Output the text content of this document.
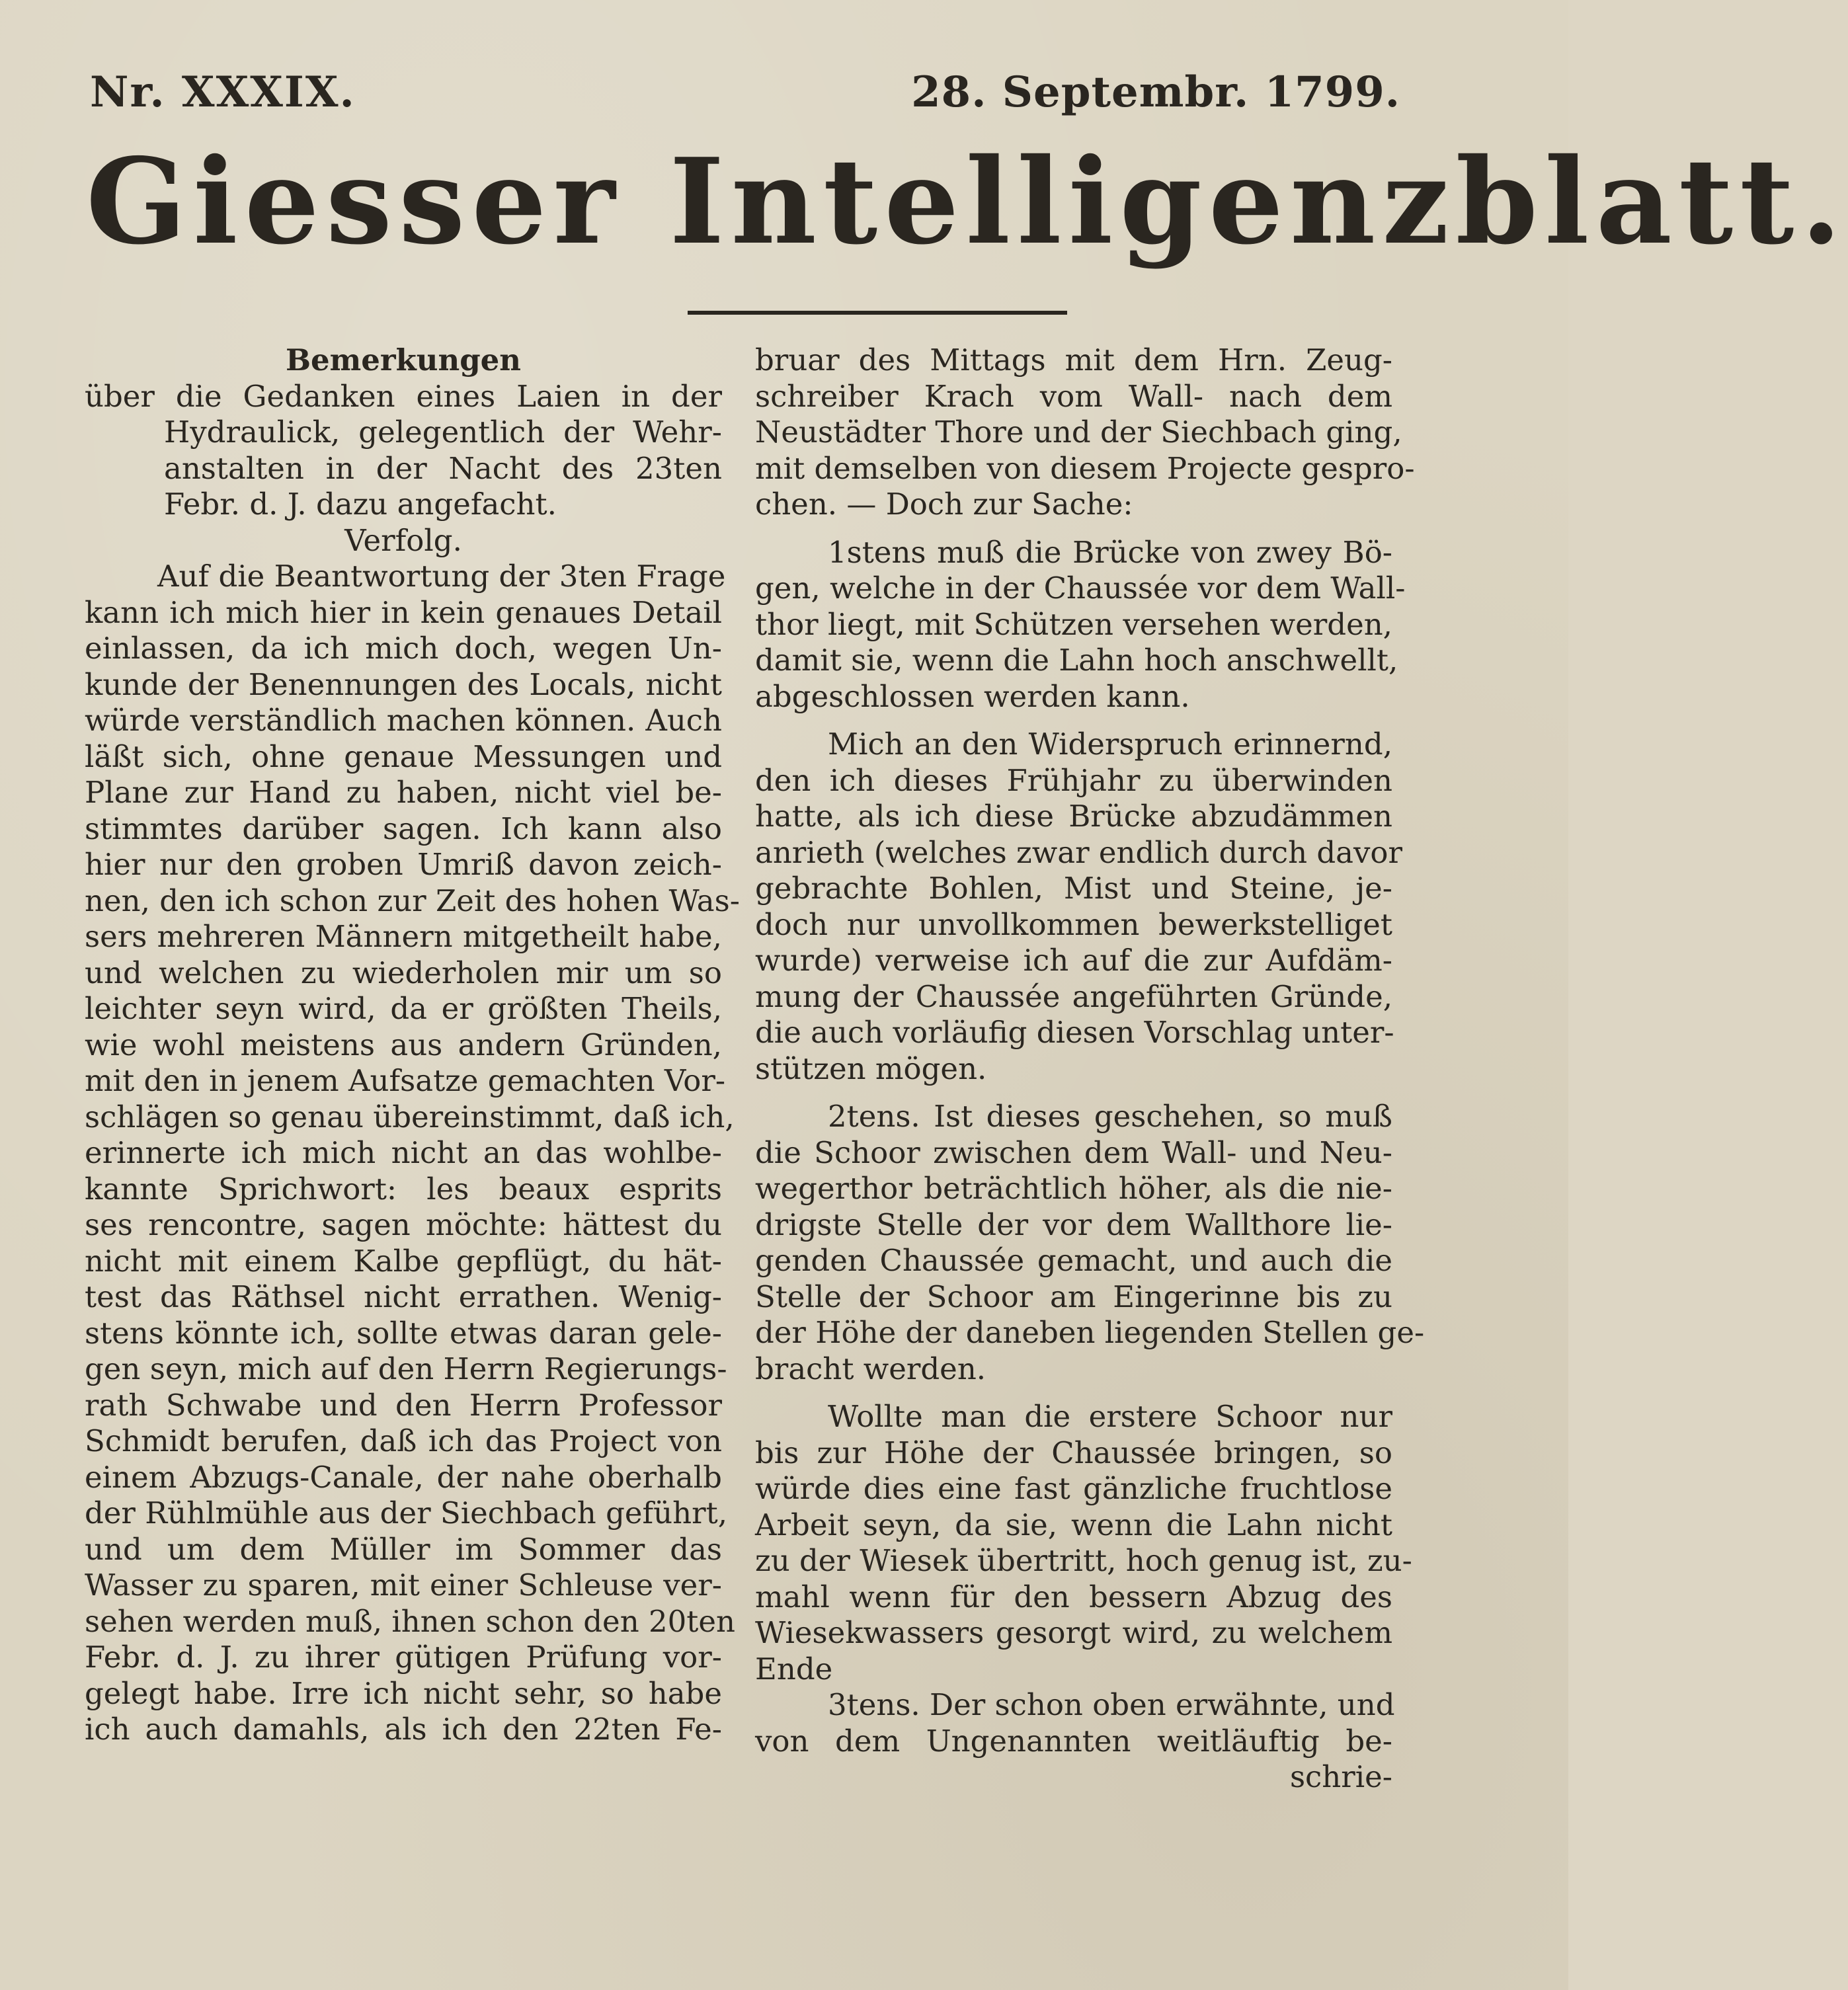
Nr. XXXIX.	28. Septembr. 1799.
Giesser Intelligenzblatt.
Bemerkungen
über die Gedanken eines Laien in der
Hydraulick, gelegentlich der Wehr-
anstalten in der Nacht des 23ten
Febr. d. J. dazu angefacht.
Verfolg.
Auf die Beantwortung der 3ten Frage
kann ich mich hier in kein genaues Detail
einlassen, da ich mich doch, wegen Un-
kunde der Benennungen des Locals, nicht
würde verständlich machen können. Auch
läßt sich, ohne genaue Messungen und
Plane zur Hand zu haben, nicht viel be-
stimmtes darüber sagen. Ich kann also
hier nur den groben Umriß davon zeich-
nen, den ich schon zur Zeit des hohen Was-
sers mehreren Männern mitgetheilt habe,
und welchen zu wiederholen mir um so
leichter seyn wird, da er größten Theils,
wie wohl meistens aus andern Gründen,
mit den in jenem Aufsatze gemachten Vor-
schlägen so genau übereinstimmt, daß ich,
erinnerte ich mich nicht an das wohlbe-
kannte Sprichwort: les beaux esprits
ses rencontre, sagen möchte: hättest du
nicht mit einem Kalbe gepflügt, du hät-
test das Räthsel nicht errathen. Wenig-
stens könnte ich, sollte etwas daran gele-
gen seyn, mich auf den Herrn Regierungs-
rath Schwabe und den Herrn Professor
Schmidt berufen, daß ich das Project von
einem Abzugs-Canale, der nahe oberhalb
der Rühlmühle aus der Siechbach geführt,
und um dem Müller im Sommer das
Wasser zu sparen, mit einer Schleuse ver-
sehen werden muß, ihnen schon den 20ten
Febr. d. J. zu ihrer gütigen Prüfung vor-
gelegt habe. Irre ich nicht sehr, so habe
ich auch damahls, als ich den 22ten Fe-
bruar des Mittags mit dem Hrn. Zeug-
schreiber Krach vom Wall- nach dem
Neustädter Thore und der Siechbach ging,
mit demselben von diesem Projecte gespro-
chen. — Doch zur Sache:
1stens muß die Brücke von zwey Bö-
gen, welche in der Chaussée vor dem Wall-
thor liegt, mit Schützen versehen werden,
damit sie, wenn die Lahn hoch anschwellt,
abgeschlossen werden kann.
Mich an den Widerspruch erinnernd,
den ich dieses Frühjahr zu überwinden
hatte, als ich diese Brücke abzudämmen
anrieth (welches zwar endlich durch davor
gebrachte Bohlen, Mist und Steine, je-
doch nur unvollkommen bewerkstelliget
wurde) verweise ich auf die zur Aufdäm-
mung der Chaussée angeführten Gründe,
die auch vorläufig diesen Vorschlag unter-
stützen mögen.
2tens. Ist dieses geschehen, so muß
die Schoor zwischen dem Wall- und Neu-
wegerthor beträchtlich höher, als die nie-
drigste Stelle der vor dem Wallthore lie-
genden Chaussée gemacht, und auch die
Stelle der Schoor am Eingerinne bis zu
der Höhe der daneben liegenden Stellen ge-
bracht werden.
Wollte man die erstere Schoor nur
bis zur Höhe der Chaussée bringen, so
würde dies eine fast gänzliche fruchtlose
Arbeit seyn, da sie, wenn die Lahn nicht
zu der Wiesek übertritt, hoch genug ist, zu-
mahl wenn für den bessern Abzug des
Wiesekwassers gesorgt wird, zu welchem
Ende
3tens. Der schon oben erwähnte, und
von dem Ungenannten weitläuftig be-
schrie-
